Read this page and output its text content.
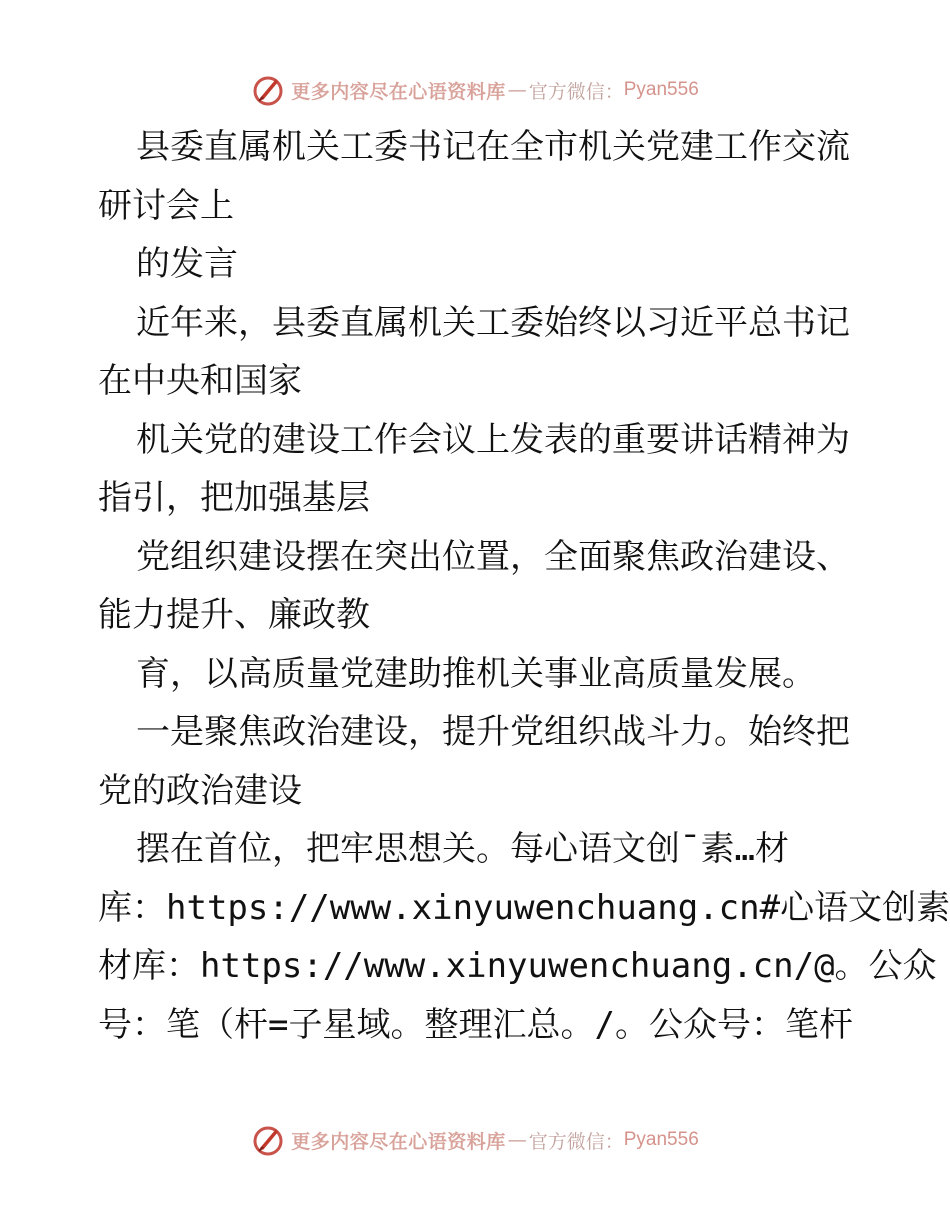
更多内容尽在心语资料库 — 官方微信： Pyan556
县委直属机关工委书记在全市机关党建工作交流
研讨会上
的发言
近年来，县委直属机关工委始终以习近平总书记
在中央和国家
机关党的建设工作会议上发表的重要讲话精神为
指引，把加强基层
党组织建设摆在突出位置，全面聚焦政治建设、
能力提升、廉政教
育，以高质量党建助推机关事业高质量发展。
一是聚焦政治建设，提升党组织战斗力。始终把
党的政治建设
摆在首位，把牢思想关。每心语文创¯素…材
库：https://www.xinyuwenchuang.cn#心语文创素
材库：https://www.xinyuwenchuang.cn/@。公众
号：笔（杆=子星域。整理汇总。/。公众号：笔杆
更多内容尽在心语资料库 — 官方微信： Pyan556
